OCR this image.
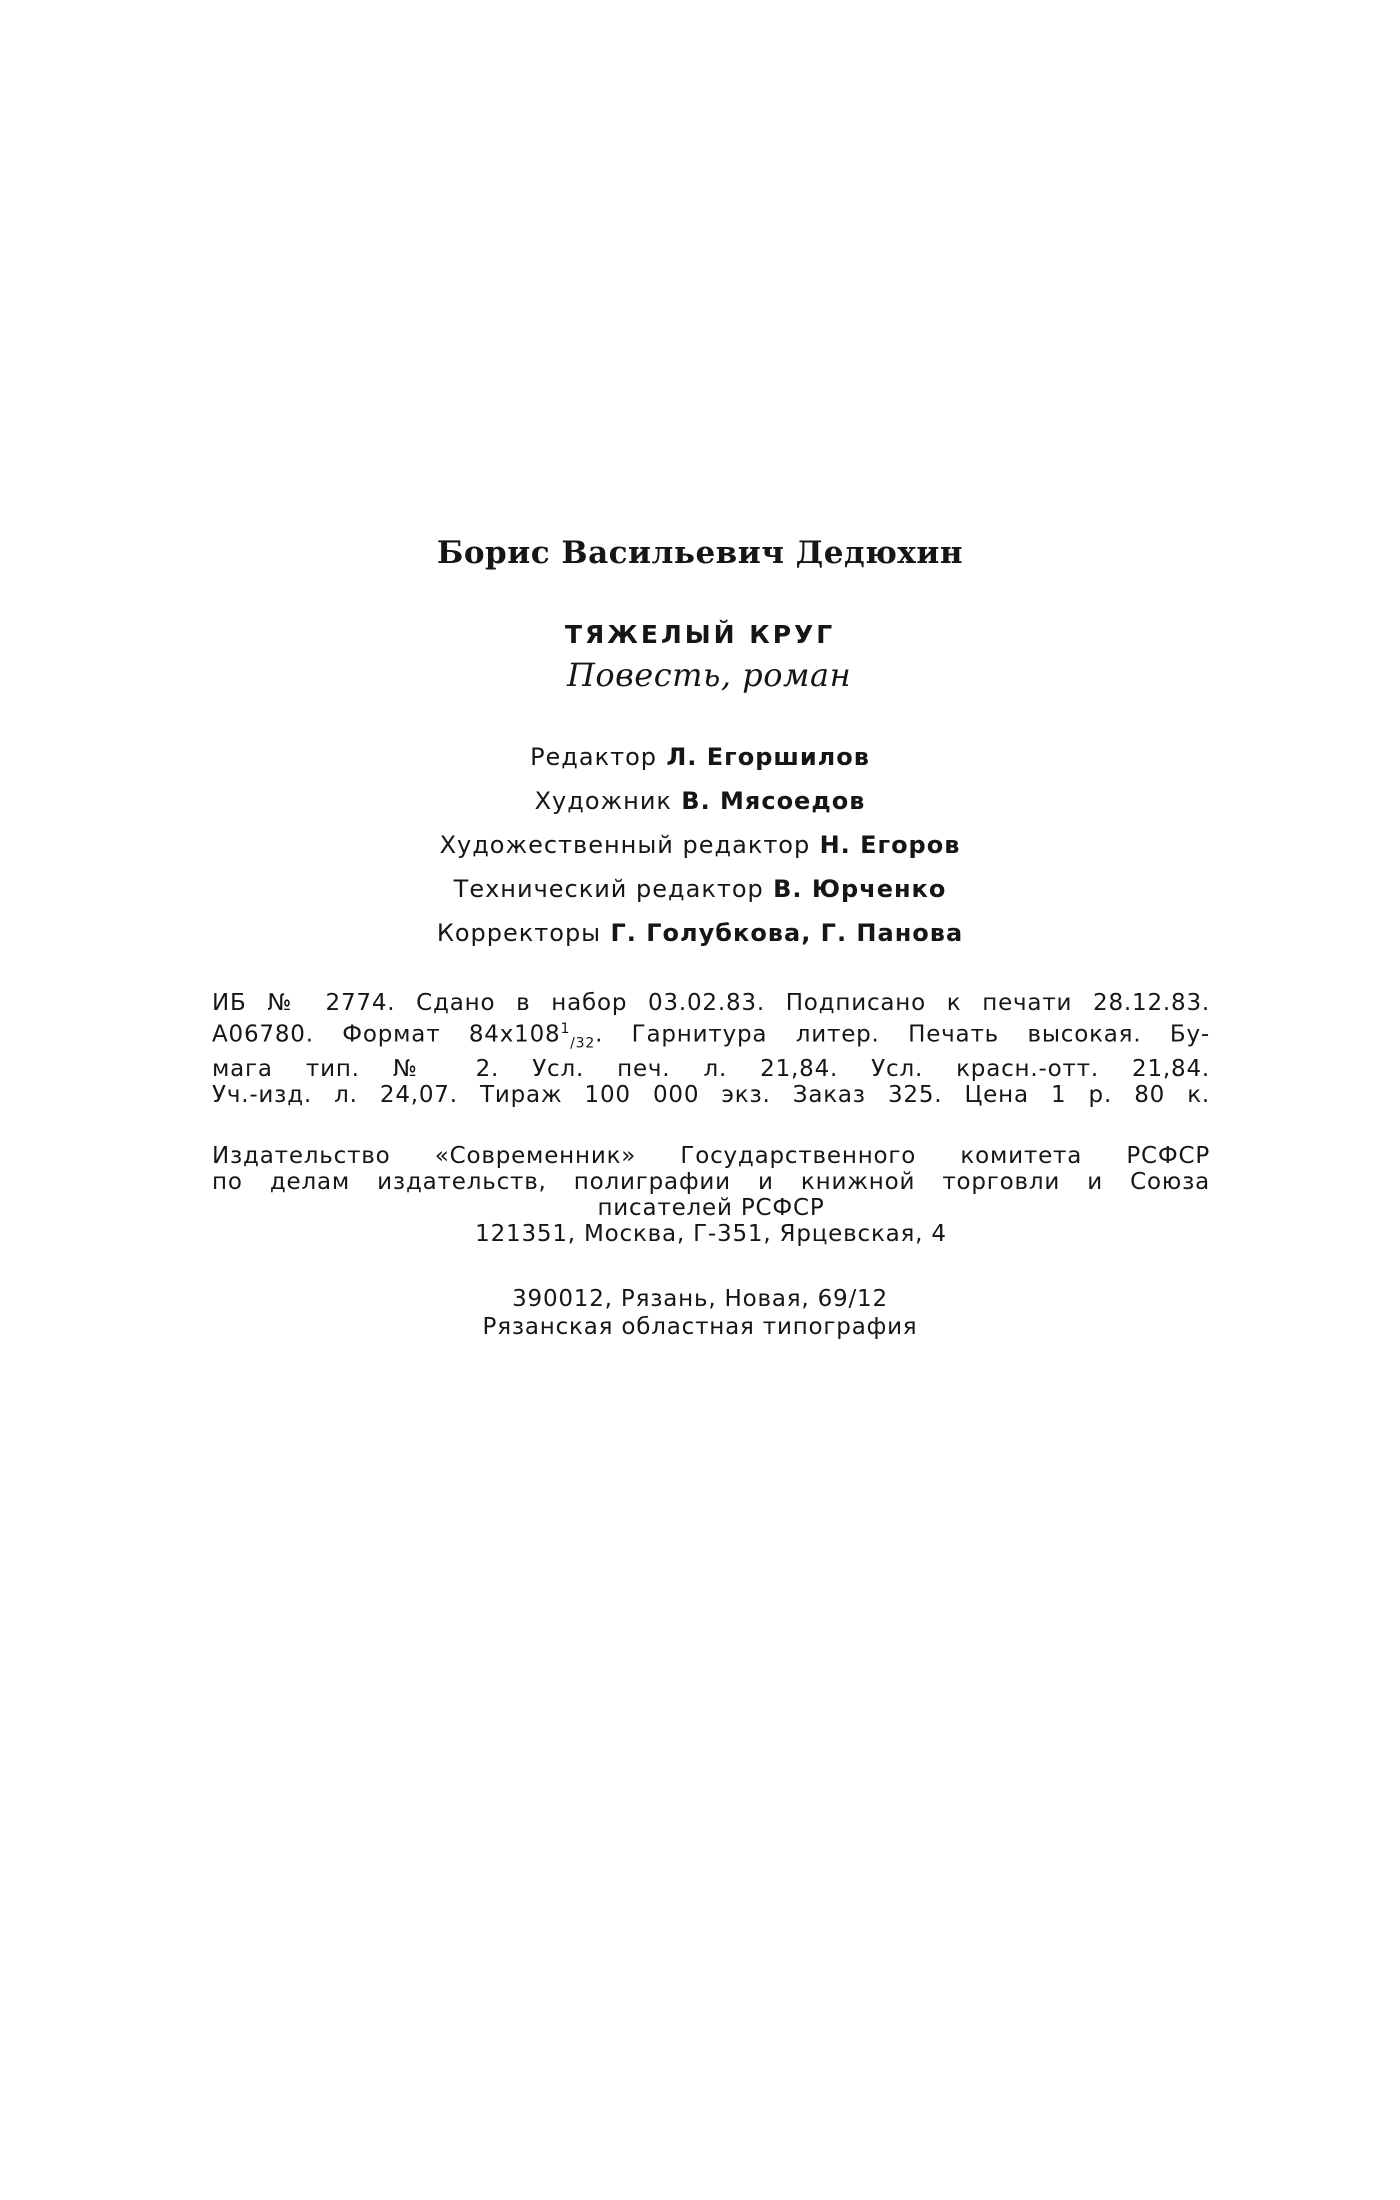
Борис Васильевич Дедюхин
ТЯЖЕЛЫЙ КРУГ
Повесть, роман
Редактор Л. Егоршилов
Художник В. Мясоедов
Художественный редактор Н. Егоров
Технический редактор В. Юрченко
Корректоры Г. Голубкова, Г. Панова
ИБ № 2774. Сдано в набор 03.02.83. Подписано к печати 28.12.83.
А06780. Формат $84х108^1_{/32}$. Гарнитура литер. Печать высокая. Бу-
мага тип. № 2. Усл. печ. л. 21,84. Усл. красн.-отт. 21,84.
Уч.-изд. л. 24,07. Тираж 100 000 экз. Заказ 325. Цена 1 р. 80 к.
Издательство «Современник» Государственного комитета РСФСР
по делам издательств, полиграфии и книжной торговли и Союза
писателей РСФСР
121351, Москва, Г-351, Ярцевская, 4
390012, Рязань, Новая, 69/12
Рязанская областная типография
